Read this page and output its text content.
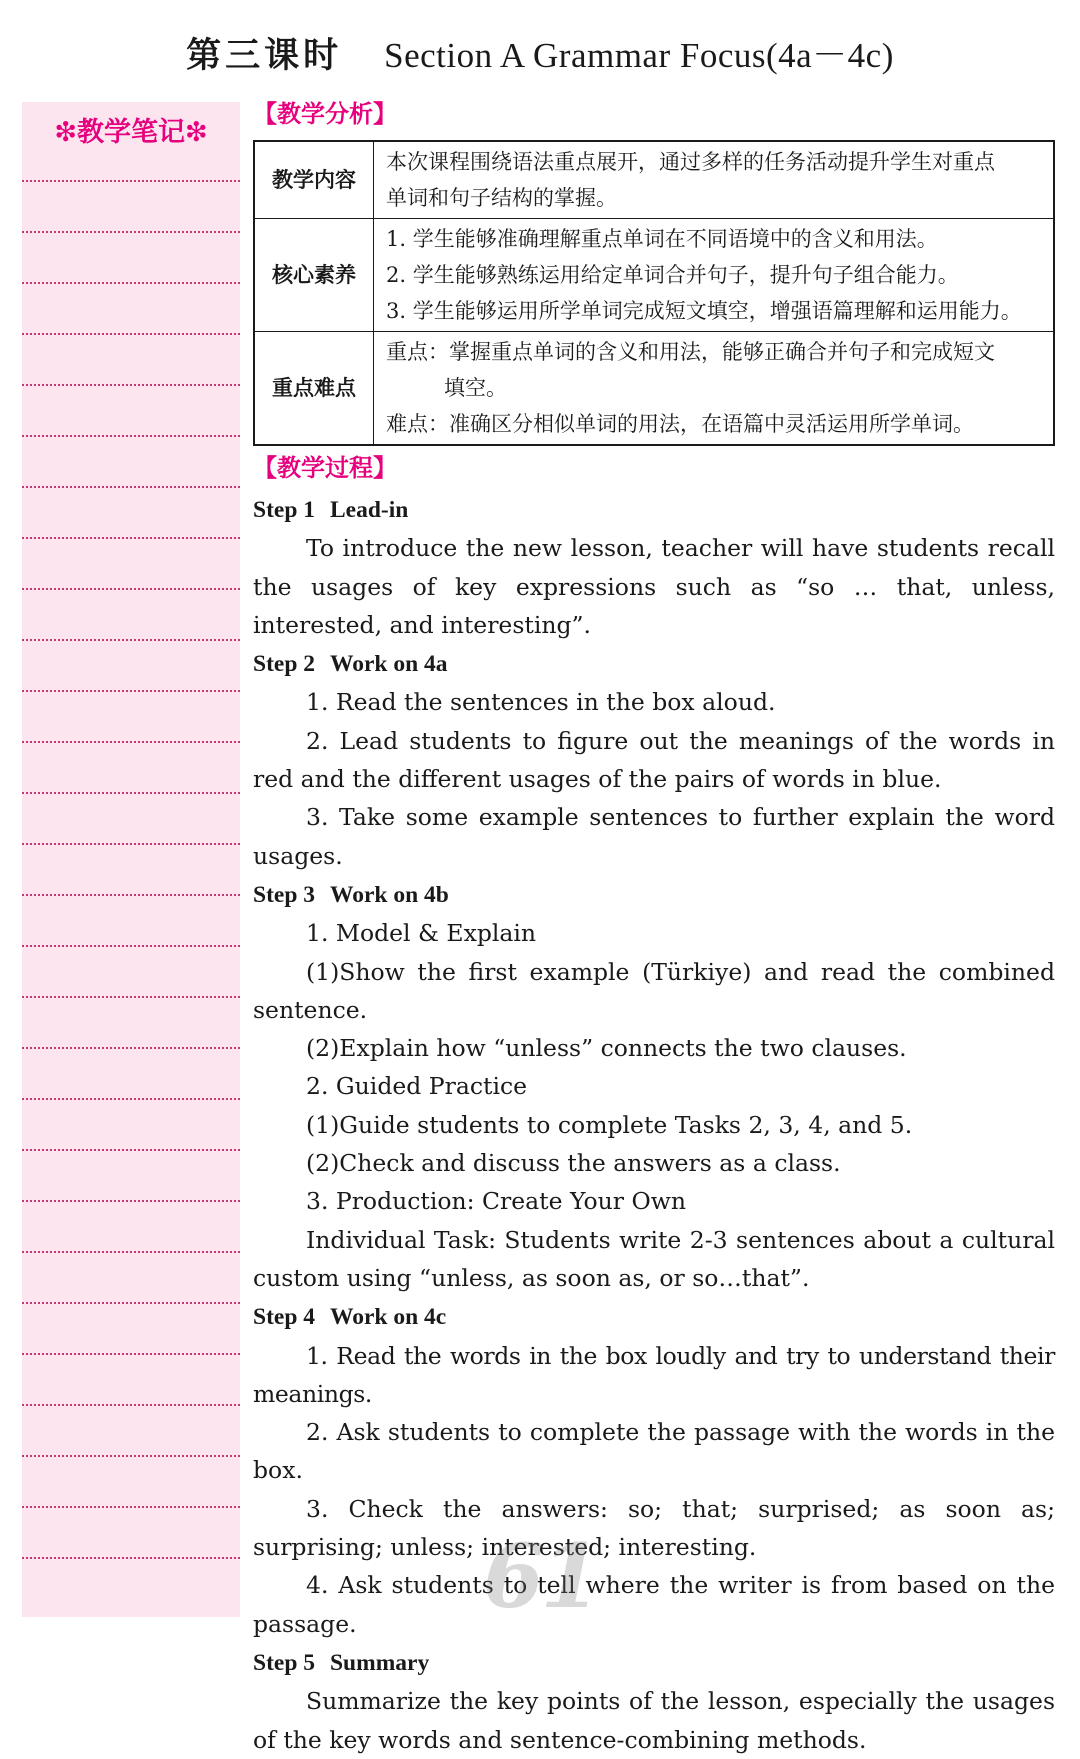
第三课时 Section A Grammar Focus(4a－4c)
❇教学笔记❇
【教学分析】
教学内容	本次课程围绕语法重点展开，通过多样的任务活动提升学生对重点
单词和句子结构的掌握。

核心素养	1. 学生能够准确理解重点单词在不同语境中的含义和用法。
2. 学生能够熟练运用给定单词合并句子，提升句子组合能力。
3. 学生能够运用所学单词完成短文填空，增强语篇理解和运用能力。

重点难点	重点：掌握重点单词的含义和用法，能够正确合并句子和完成短文
填空。
难点：准确区分相似单词的用法，在语篇中灵活运用所学单词。
【教学过程】

Step 1 Lead-in

To introduce the new lesson, teacher will have students recall the usages of key expressions such as “so … that, unless, interested, and interesting”.

Step 2 Work on 4a

1. Read the sentences in the box aloud.

2. Lead students to figure out the meanings of the words in red and the different usages of the pairs of words in blue.

3. Take some example sentences to further explain the word usages.

Step 3 Work on 4b

1. Model & Explain

(1)Show the first example (Türkiye) and read the combined sentence.

(2)Explain how “unless” connects the two clauses.

2. Guided Practice

(1)Guide students to complete Tasks 2, 3, 4, and 5.

(2)Check and discuss the answers as a class.

3. Production: Create Your Own

Individual Task: Students write 2-3 sentences about a cultural custom using “unless, as soon as, or so…that”.

Step 4 Work on 4c

1. Read the words in the box loudly and try to understand their meanings.

2. Ask students to complete the passage with the words in the box.

3. Check the answers: so; that; surprised; as soon as; surprising; unless; interested; interesting.

4. Ask students to tell where the writer is from based on the passage.

Step 5 Summary

Summarize the key points of the lesson, especially the usages of the key words and sentence-combining methods.

61
